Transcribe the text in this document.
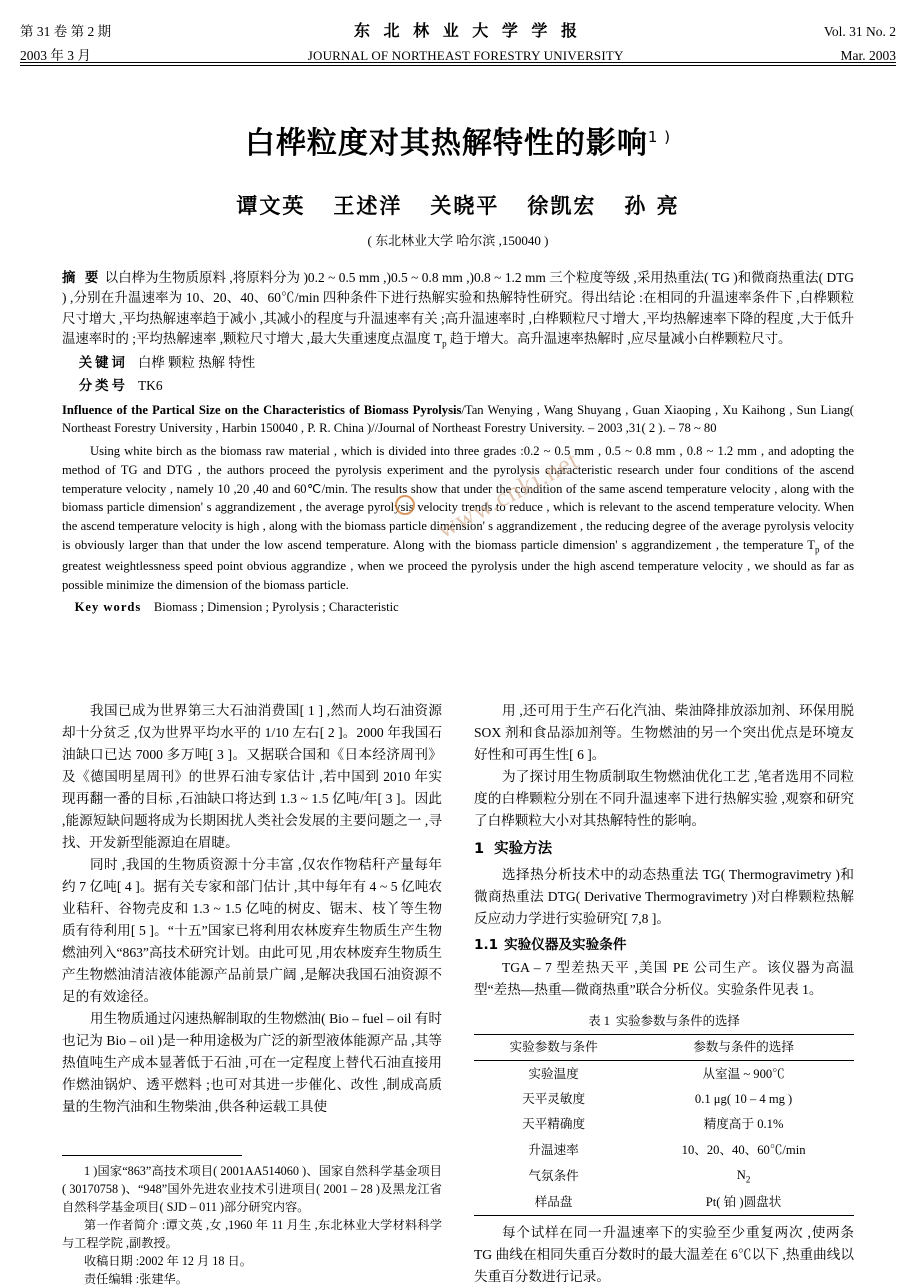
第 31 卷 第 2 期	东 北 林 业 大 学 学 报	Vol. 31 No. 2
2003 年 3 月	JOURNAL OF NORTHEAST FORESTRY UNIVERSITY	Mar. 2003
白桦粒度对其热解特性的影响$^{1 )}$
谭文英 王述洋 关晓平 徐凯宏 孙 亮
( 东北林业大学 哈尔滨 ,150040 )
摘 要 以白桦为生物质原料 ,将原料分为 )0.2 ~ 0.5 mm ,)0.5 ~ 0.8 mm ,)0.8 ~ 1.2 mm 三个粒度等级 ,采用热重法( TG )和微商热重法( DTG ) ,分别在升温速率为 10、20、40、60℃/min 四种条件下进行热解实验和热解特性研究。得出结论 :在相同的升温速率条件下 ,白桦颗粒尺寸增大 ,平均热解速率趋于减小 ,其减小的程度与升温速率有关 ;高升温速率时 ,白桦颗粒尺寸增大 ,平均热解速率下降的程度 ,大于低升温速率时的 ;平均热解速率 ,颗粒尺寸增大 ,最大失重速度点温度 $T_p$ 趋于增大。高升温速率热解时 ,应尽量减小白桦颗粒尺寸。
关键词 白桦 颗粒 热解 特性
分类号 TK6
Influence of the Partical Size on the Characteristics of Biomass Pyrolysis/Tan Wenying , Wang Shuyang , Guan Xiaoping , Xu Kaihong , Sun Liang( Northeast Forestry University , Harbin 150040 , P. R. China )//Journal of Northeast Forestry University. – 2003 ,31( 2 ). – 78 ~ 80
Using white birch as the biomass raw material , which is divided into three grades :0.2 ~ 0.5 mm , 0.5 ~ 0.8 mm , 0.8 ~ 1.2 mm , and adopting the method of TG and DTG , the authors proceed the pyrolysis experiment and the pyrolysis characteristic research under four conditions of the ascend temperature velocity , namely 10 ,20 ,40 and 60℃/min. The results show that under the condition of the same ascend temperature velocity , along with the biomass particle dimension' s aggrandizement , the average pyrolysis velocity trends to reduce , which is relevant to the ascend temperature velocity. When the ascend temperature velocity is high , along with the biomass particle dimension' s aggrandizement , the reducing degree of the average pyrolysis velocity is obviously larger than that under the low ascend temperature. Along with the biomass particle dimension' s aggrandizement , the temperature $T_p$ of the greatest weightlessness speed point obvious aggrandize , when we proceed the pyrolysis under the high ascend temperature velocity , we should as far as possible minimize the dimension of the biomass particle.
Key words Biomass ; Dimension ; Pyrolysis ; Characteristic
www.cnki.net

我国已成为世界第三大石油消费国[ 1 ] ,然而人均石油资源却十分贫乏 ,仅为世界平均水平的 1/10 左右[ 2 ]。2000 年我国石油缺口已达 7000 多万吨[ 3 ]。又据联合国和《日本经济周刊》及《德国明星周刊》的世界石油专家估计 ,若中国到 2010 年实现再翻一番的目标 ,石油缺口将达到 1.3 ~ 1.5 亿吨/年[ 3 ]。因此 ,能源短缺问题将成为长期困扰人类社会发展的主要问题之一 ,寻找、开发新型能源迫在眉睫。

同时 ,我国的生物质资源十分丰富 ,仅农作物秸秆产量每年约 7 亿吨[ 4 ]。据有关专家和部门估计 ,其中每年有 4 ~ 5 亿吨农业秸秆、谷物壳皮和 1.3 ~ 1.5 亿吨的树皮、锯末、枝丫等生物质有待利用[ 5 ]。“十五”国家已将利用农林废弃生物质生产生物燃油列入“863”高技术研究计划。由此可见 ,用农林废弃生物质生产生物燃油清洁液体能源产品前景广阔 ,是解决我国石油资源不足的有效途径。

用生物质通过闪速热解制取的生物燃油( Bio – fuel – oil 有时也记为 Bio – oil )是一种用途极为广泛的新型液体能源产品 ,其等热值吨生产成本显著低于石油 ,可在一定程度上替代石油直接用作燃油锅炉、透平燃料 ;也可对其进一步催化、改性 ,制成高质量的生物汽油和生物柴油 ,供各种运载工具使

用 ,还可用于生产石化汽油、柴油降排放添加剂、环保用脱 SOX 剂和食品添加剂等。生物燃油的另一个突出优点是环境友好性和可再生性[ 6 ]。

为了探讨用生物质制取生物燃油优化工艺 ,笔者选用不同粒度的白桦颗粒分别在不同升温速率下进行热解实验 ,观察和研究了白桦颗粒大小对其热解特性的影响。

1 实验方法

选择热分析技术中的动态热重法 TG( Thermogravimetry )和微商热重法 DTG( Derivative Thermogravimetry )对白桦颗粒热解反应动力学进行实验研究[ 7,8 ]。

1.1 实验仪器及实验条件

TGA – 7 型差热天平 ,美国 PE 公司生产。该仪器为高温型“差热—热重—微商热重”联合分析仪。实验条件见表 1。

表 1 实验参数与条件的选择
实验参数与条件	参数与条件的选择
实验温度	从室温 ~ 900℃
天平灵敏度	0.1 μg( 10 – 4 mg )
天平精确度	精度高于 0.1%
升温速率	10、20、40、60℃/min
气氛条件	$N_2$
样品盘	Pt( 铂 )圆盘状

每个试样在同一升温速率下的实验至少重复两次 ,使两条 TG 曲线在相同失重百分数时的最大温差在 6℃以下 ,热重曲线以失重百分数进行记录。

1 )国家“863”高技术项目( 2001AA514060 )、国家自然科学基金项目( 30170758 )、“948”国外先进农业技术引进项目( 2001 – 28 )及黑龙江省自然科学基金项目( SJD – 011 )部分研究内容。

第一作者简介 :谭文英 ,女 ,1960 年 11 月生 ,东北林业大学材料科学与工程学院 ,副教授。

收稿日期 :2002 年 12 月 18 日。

责任编辑 :张建华。
